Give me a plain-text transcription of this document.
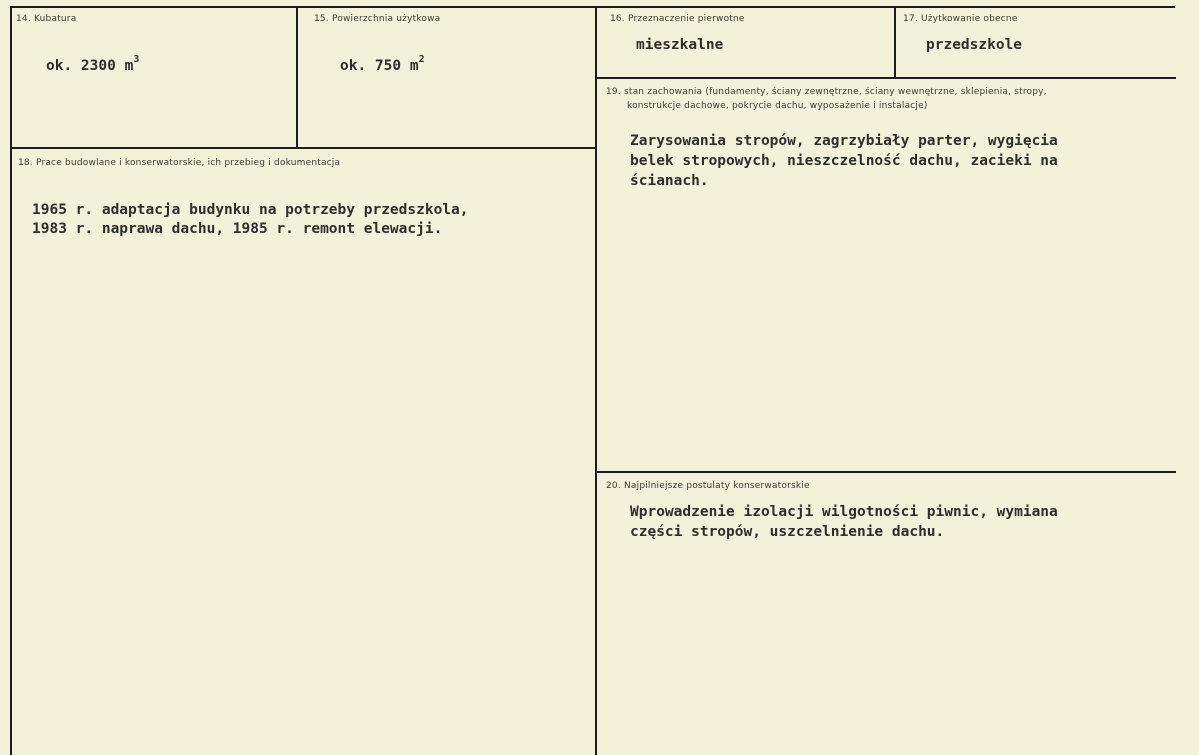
14. Kubatura
ok. 2300 $m^3$
15. Powierzchnia użytkowa
ok. 750 $m^2$
16. Przeznaczenie pierwotne
mieszkalne
17. Użytkowanie obecne
przedszkole
18. Prace budowlane i konserwatorskie, ich przebieg i dokumentacja
1965 r. adaptacja budynku na potrzeby przedszkola,
1983 r. naprawa dachu, 1985 r. remont elewacji.
19. stan zachowania (fundamenty, ściany zewnętrzne, ściany wewnętrzne, sklepienia, stropy,
konstrukcje dachowe, pokrycie dachu, wyposażenie i instalacje)
Zarysowania stropów, zagrzybiały parter, wygięcia
belek stropowych, nieszczelność dachu, zacieki na
ścianach.
20. Najpilniejsze postulaty konserwatorskie
Wprowadzenie izolacji wilgotności piwnic, wymiana
części stropów, uszczelnienie dachu.
